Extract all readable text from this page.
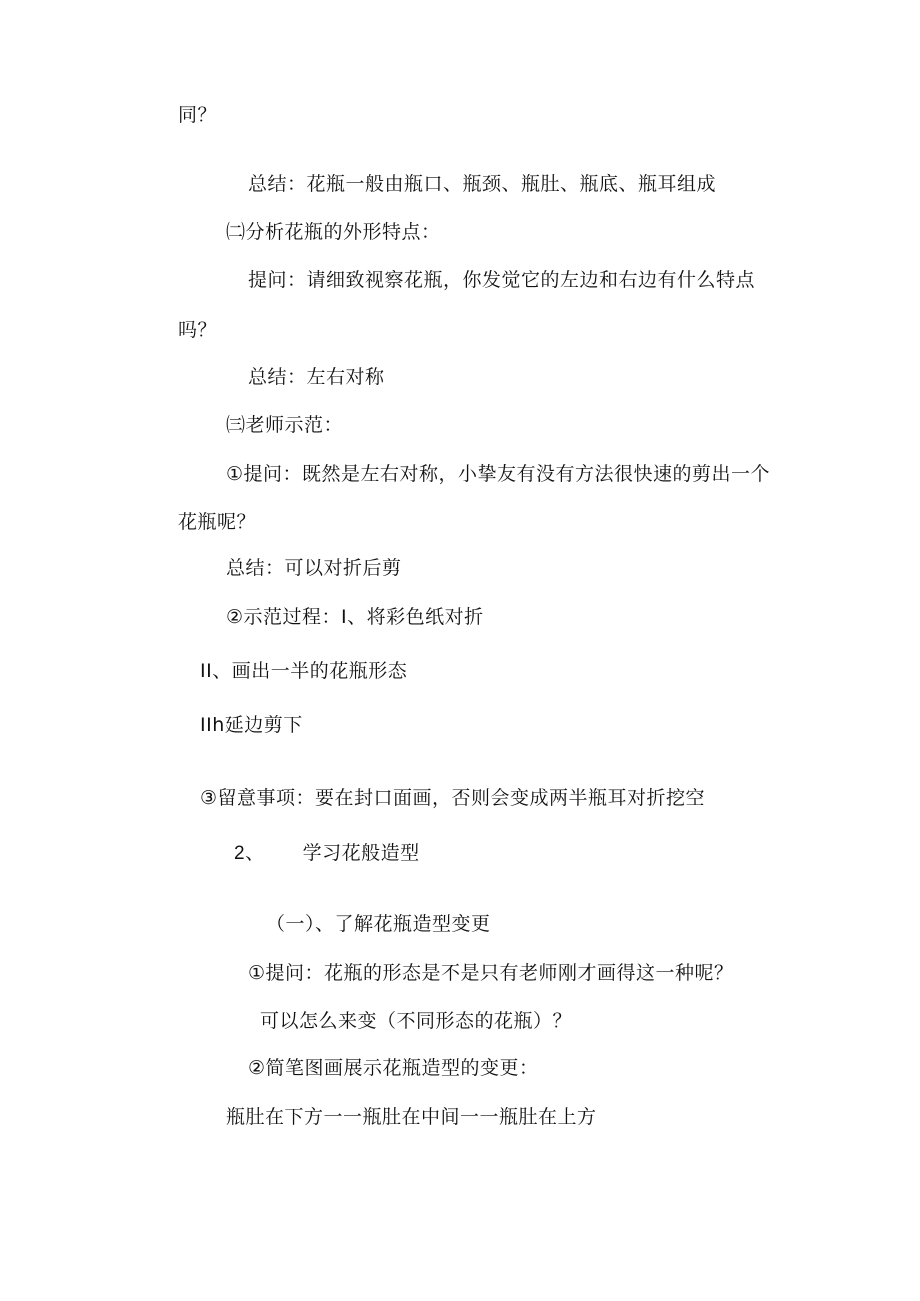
同？
总结：花瓶一般由瓶口、瓶颈、瓶肚、瓶底、瓶耳组成
㈡分析花瓶的外形特点：
提问：请细致视察花瓶，你发觉它的左边和右边有什么特点
吗？
总结：左右对称
㈢老师示范：
①提问：既然是左右对称，小挚友有没有方法很快速的剪出一个
花瓶呢？
总结：可以对折后剪
②示范过程：I、将彩色纸对折
II、画出一半的花瓶形态
IIh延边剪下
③留意事项：要在封口面画，否则会变成两半瓶耳对折挖空
2、 学习花般造型
（一）、了解花瓶造型变更
①提问：花瓶的形态是不是只有老师刚才画得这一种呢？
可以怎么来变（不同形态的花瓶）？
②简笔图画展示花瓶造型的变更：
瓶肚在下方一一瓶肚在中间一一瓶肚在上方
